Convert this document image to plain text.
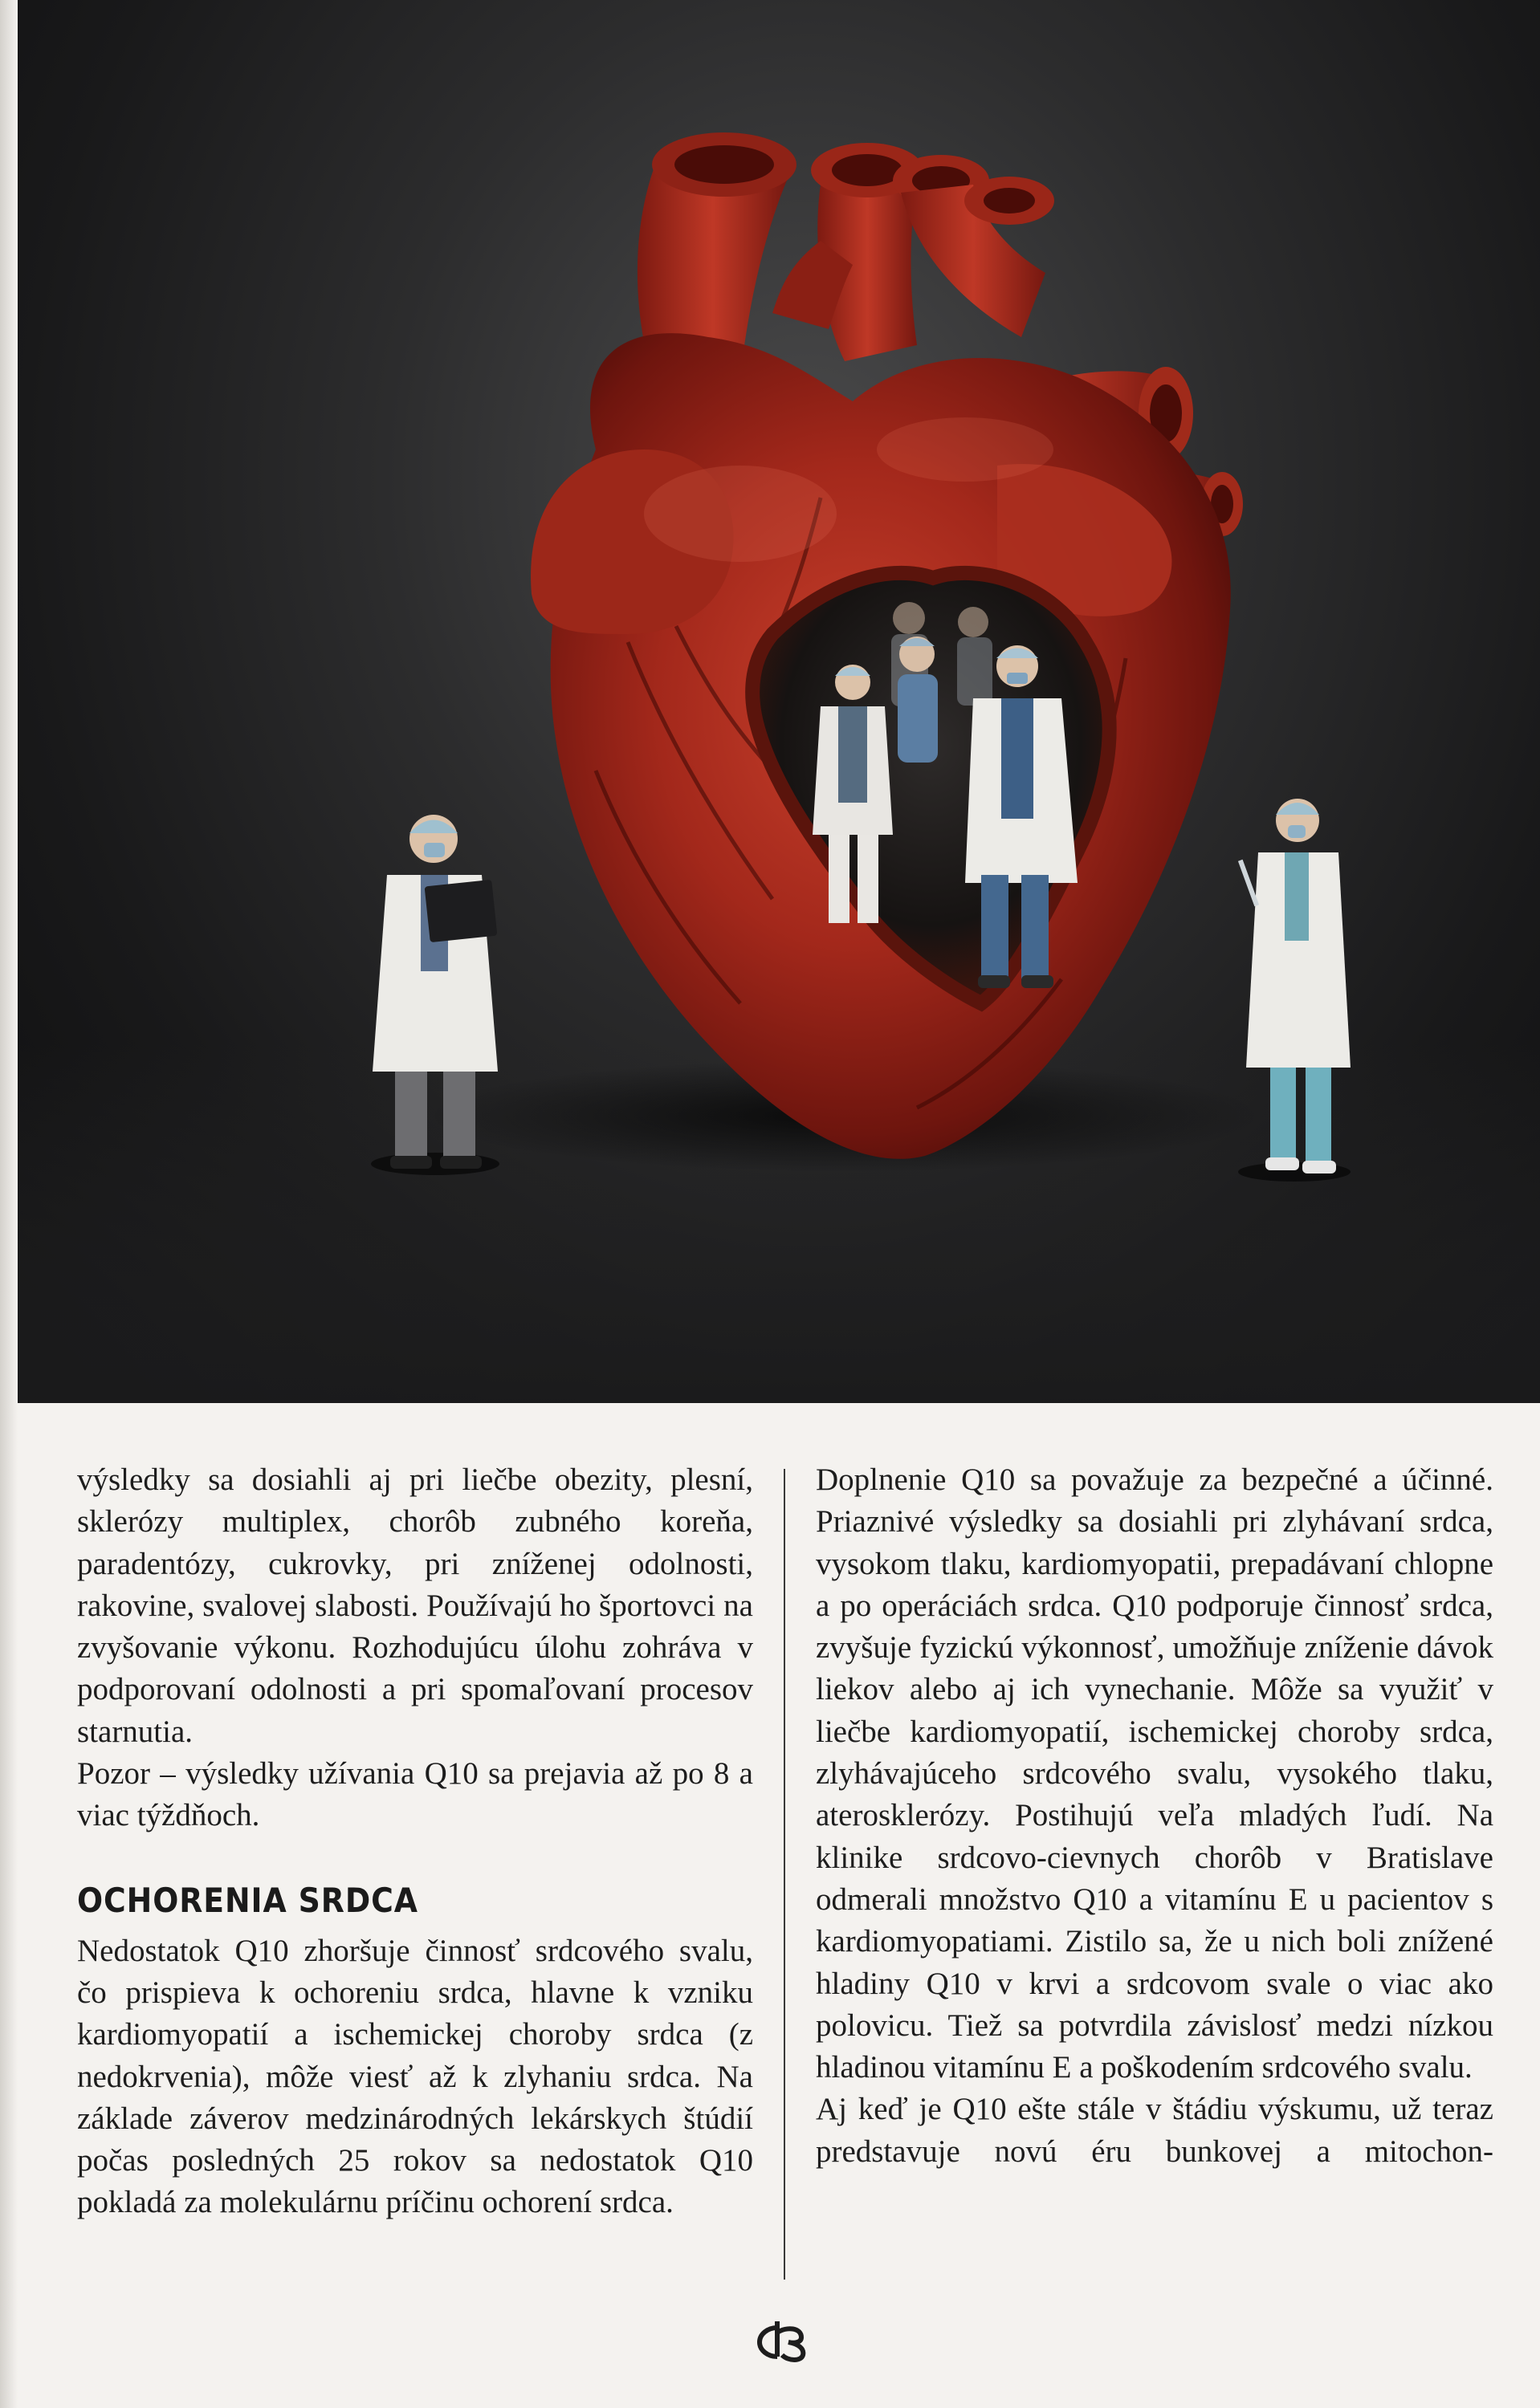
výsledky sa dosiahli aj pri liečbe obezity, plesní, sklerózy multiplex, chorôb zubného koreňa, paradentózy, cukrovky, pri zníženej odolnosti, rakovine, svalovej slabosti. Používajú ho športovci na zvyšovanie výkonu. Rozhodujúcu úlohu zohráva v podporovaní odolnosti a pri spomaľovaní procesov starnutia.

Pozor – výsledky užívania Q10 sa prejavia až po 8 a viac týždňoch.

OCHORENIA SRDCA

Nedostatok Q10 zhoršuje činnosť srdcového svalu, čo prispieva k ochoreniu srdca, hlavne k vzniku kardiomyopatií a ischemickej choroby srdca (z nedokrvenia), môže viesť až k zlyhaniu srdca. Na základe záverov medzinárodných lekárskych štúdií počas posledných 25 rokov sa nedostatok Q10 pokladá za molekulárnu príčinu ochorení srdca.

Doplnenie Q10 sa považuje za bezpečné a účinné. Priaznivé výsledky sa dosiahli pri zlyhávaní srdca, vysokom tlaku, kardiomyopatii, prepadávaní chlopne a po operáciách srdca. Q10 podporuje činnosť srdca, zvyšuje fyzickú výkonnosť, umožňuje zníženie dávok liekov alebo aj ich vynechanie. Môže sa využiť v liečbe kardiomyopatií, ischemickej choroby srdca, zlyhávajúceho srdcového svalu, vysokého tlaku, aterosklerózy. Postihujú veľa mladých ľudí. Na klinike srdcovo-cievnych chorôb v Bratislave odmerali množstvo Q10 a vitamínu E u pacientov s kardiomyopatiami. Zistilo sa, že u nich boli znížené hladiny Q10 v krvi a srdcovom svale o viac ako polovicu. Tiež sa potvrdila závislosť medzi nízkou hladinou vitamínu E a poškodením srdcového svalu.

Aj keď je Q10 ešte stále v štádiu výskumu, už teraz predstavuje novú éru bunkovej a mitochon-
